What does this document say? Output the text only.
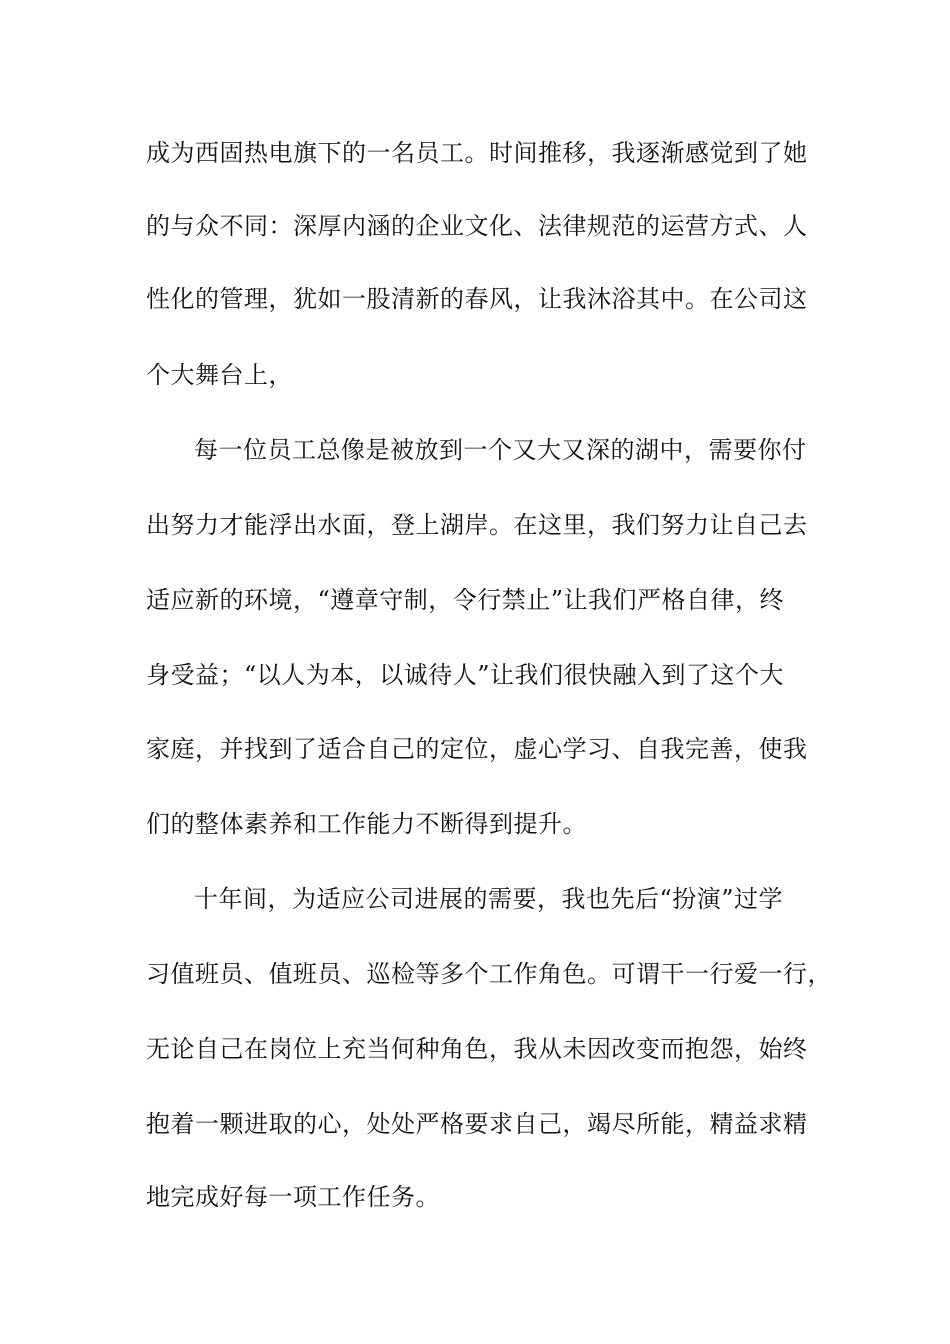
成为西固热电旗下的一名员工。时间推移，我逐渐感觉到了她
的与众不同：深厚内涵的企业文化、法律规范的运营方式、人
性化的管理，犹如一股清新的春风，让我沐浴其中。在公司这
个大舞台上，
每一位员工总像是被放到一个又大又深的湖中，需要你付
出努力才能浮出水面，登上湖岸。在这里，我们努力让自己去
适应新的环境，“遵章守制，令行禁止”让我们严格自律，终
身受益；“以人为本，以诚待人”让我们很快融入到了这个大
家庭，并找到了适合自己的定位，虚心学习、自我完善，使我
们的整体素养和工作能力不断得到提升。
十年间，为适应公司进展的需要，我也先后“扮演”过学
习值班员、值班员、巡检等多个工作角色。可谓干一行爱一行，
无论自己在岗位上充当何种角色，我从未因改变而抱怨，始终
抱着一颗进取的心，处处严格要求自己，竭尽所能，精益求精
地完成好每一项工作任务。
